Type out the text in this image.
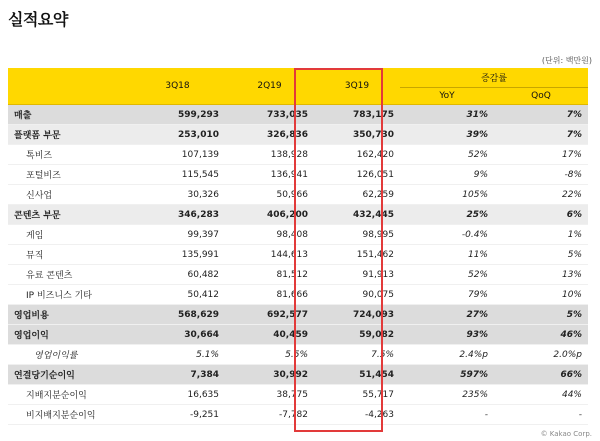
실적요약
(단위: 백만원)
	3Q18	2Q19	3Q19	증감률	
				YoY	QoQ
매출	599,293	733,035	783,175	31%	7%
플랫폼 부문	253,010	326,836	350,730	39%	7%
톡비즈	107,139	138,928	162,420	52%	17%
포털비즈	115,545	136,941	126,051	9%	-8%
신사업	30,326	50,966	62,259	105%	22%
콘텐츠 부문	346,283	406,200	432,445	25%	6%
게임	99,397	98,408	98,995	-0.4%	1%
뮤직	135,991	144,613	151,462	11%	5%
유료 콘텐츠	60,482	81,512	91,913	52%	13%
IP 비즈니스 기타	50,412	81,666	90,075	79%	10%
영업비용	568,629	692,577	724,093	27%	5%
영업이익	30,664	40,459	59,082	93%	46%
영업이익률	5.1%	5.5%	7.5%	2.4%p	2.0%p
연결당기순이익	7,384	30,992	51,454	597%	66%
지배지분순이익	16,635	38,775	55,717	235%	44%
비지배지분순이익	-9,251	-7,782	-4,263	-	-
© Kakao Corp.
